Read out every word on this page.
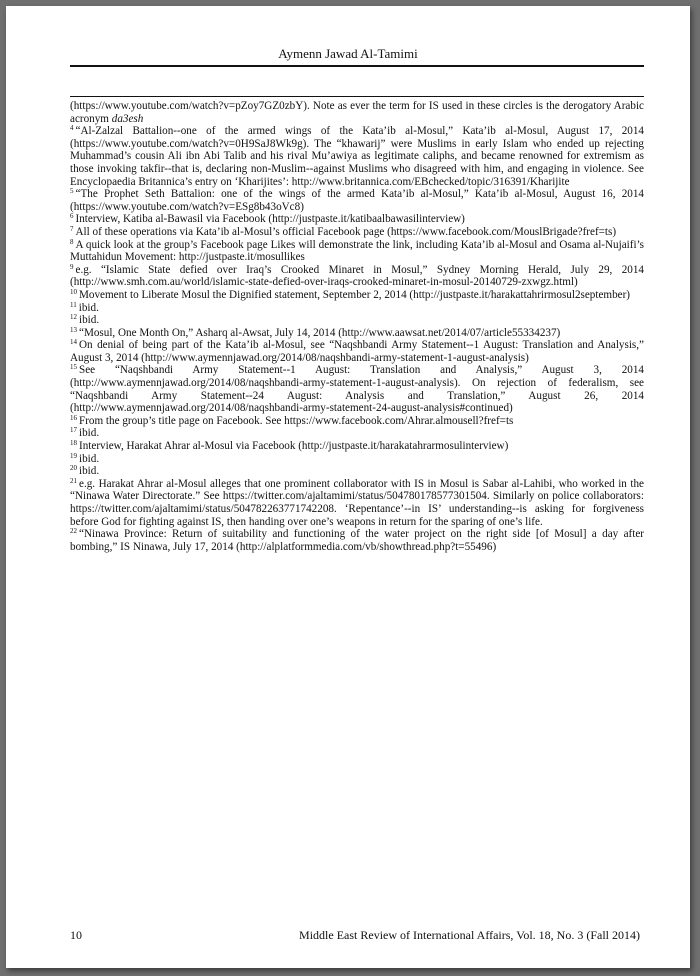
Aymenn Jawad Al-Tamimi

(https://www.youtube.com/watch?v=pZoy7GZ0zbY). Note as ever the term for IS used in these circles is the derogatory Arabic acronym da3esh

$^4$ “Al-Zalzal Battalion--one of the armed wings of the Kata’ib al-Mosul,” Kata’ib al-Mosul, August 17, 2014 (https://www.youtube.com/watch?v=0H9SaJ8Wk9g). The “khawarij” were Muslims in early Islam who ended up rejecting Muhammad’s cousin Ali ibn Abi Talib and his rival Mu’awiya as legitimate caliphs, and became renowned for extremism as those invoking takfir--that is, declaring non-Muslim--against Muslims who disagreed with him, and engaging in violence. See Encyclopaedia Britannica’s entry on ‘Kharijites’: http://www.britannica.com/EBchecked/topic/316391/Kharijite

$^5$ “The Prophet Seth Battalion: one of the wings of the armed Kata’ib al-Mosul,” Kata’ib al-Mosul, August 16, 2014 (https://www.youtube.com/watch?v=ESg8b43oVc8)

$^6$ Interview, Katiba al-Bawasil via Facebook (http://justpaste.it/katibaalbawasilinterview)

$^7$ All of these operations via Kata’ib al-Mosul’s official Facebook page (https://www.facebook.com/MouslBrigade?fref=ts)

$^8$ A quick look at the group’s Facebook page Likes will demonstrate the link, including Kata’ib al-Mosul and Osama al-Nujaifi’s Muttahidun Movement: http://justpaste.it/mosullikes

$^9$ e.g. “Islamic State defied over Iraq’s Crooked Minaret in Mosul,” Sydney Morning Herald, July 29, 2014 (http://www.smh.com.au/world/islamic-state-defied-over-iraqs-crooked-minaret-in-mosul-20140729-zxwgz.html)

$^{10}$ Movement to Liberate Mosul the Dignified statement, September 2, 2014 (http://justpaste.it/harakattahrirmosul2september)

$^{11}$ ibid.

$^{12}$ ibid.

$^{13}$ “Mosul, One Month On,” Asharq al-Awsat, July 14, 2014 (http://www.aawsat.net/2014/07/article55334237)

$^{14}$ On denial of being part of the Kata’ib al-Mosul, see “Naqshbandi Army Statement--1 August: Translation and Analysis,” August 3, 2014 (http://www.aymennjawad.org/2014/08/naqshbandi-army-statement-1-august-analysis)

$^{15}$ See “Naqshbandi Army Statement--1 August: Translation and Analysis,” August 3, 2014 (http://www.aymennjawad.org/2014/08/naqshbandi-army-statement-1-august-analysis). On rejection of federalism, see “Naqshbandi Army Statement--24 August: Analysis and Translation,” August 26, 2014 (http://www.aymennjawad.org/2014/08/naqshbandi-army-statement-24-august-analysis#continued)

$^{16}$ From the group’s title page on Facebook. See https://www.facebook.com/Ahrar.almousell?fref=ts

$^{17}$ ibid.

$^{18}$ Interview, Harakat Ahrar al-Mosul via Facebook (http://justpaste.it/harakatahrarmosulinterview)

$^{19}$ ibid.

$^{20}$ ibid.

$^{21}$ e.g. Harakat Ahrar al-Mosul alleges that one prominent collaborator with IS in Mosul is Sabar al-Lahibi, who worked in the “Ninawa Water Directorate.” See https://twitter.com/ajaltamimi/status/504780178577301504. Similarly on police collaborators: https://twitter.com/ajaltamimi/status/504782263771742208. ‘Repentance’--in IS’ understanding--is asking for forgiveness before God for fighting against IS, then handing over one’s weapons in return for the sparing of one’s life.

$^{22}$ “Ninawa Province: Return of suitability and functioning of the water project on the right side [of Mosul] a day after bombing,” IS Ninawa, July 17, 2014 (http://alplatformmedia.com/vb/showthread.php?t=55496)

10	Middle East Review of International Affairs, Vol. 18, No. 3 (Fall 2014)
